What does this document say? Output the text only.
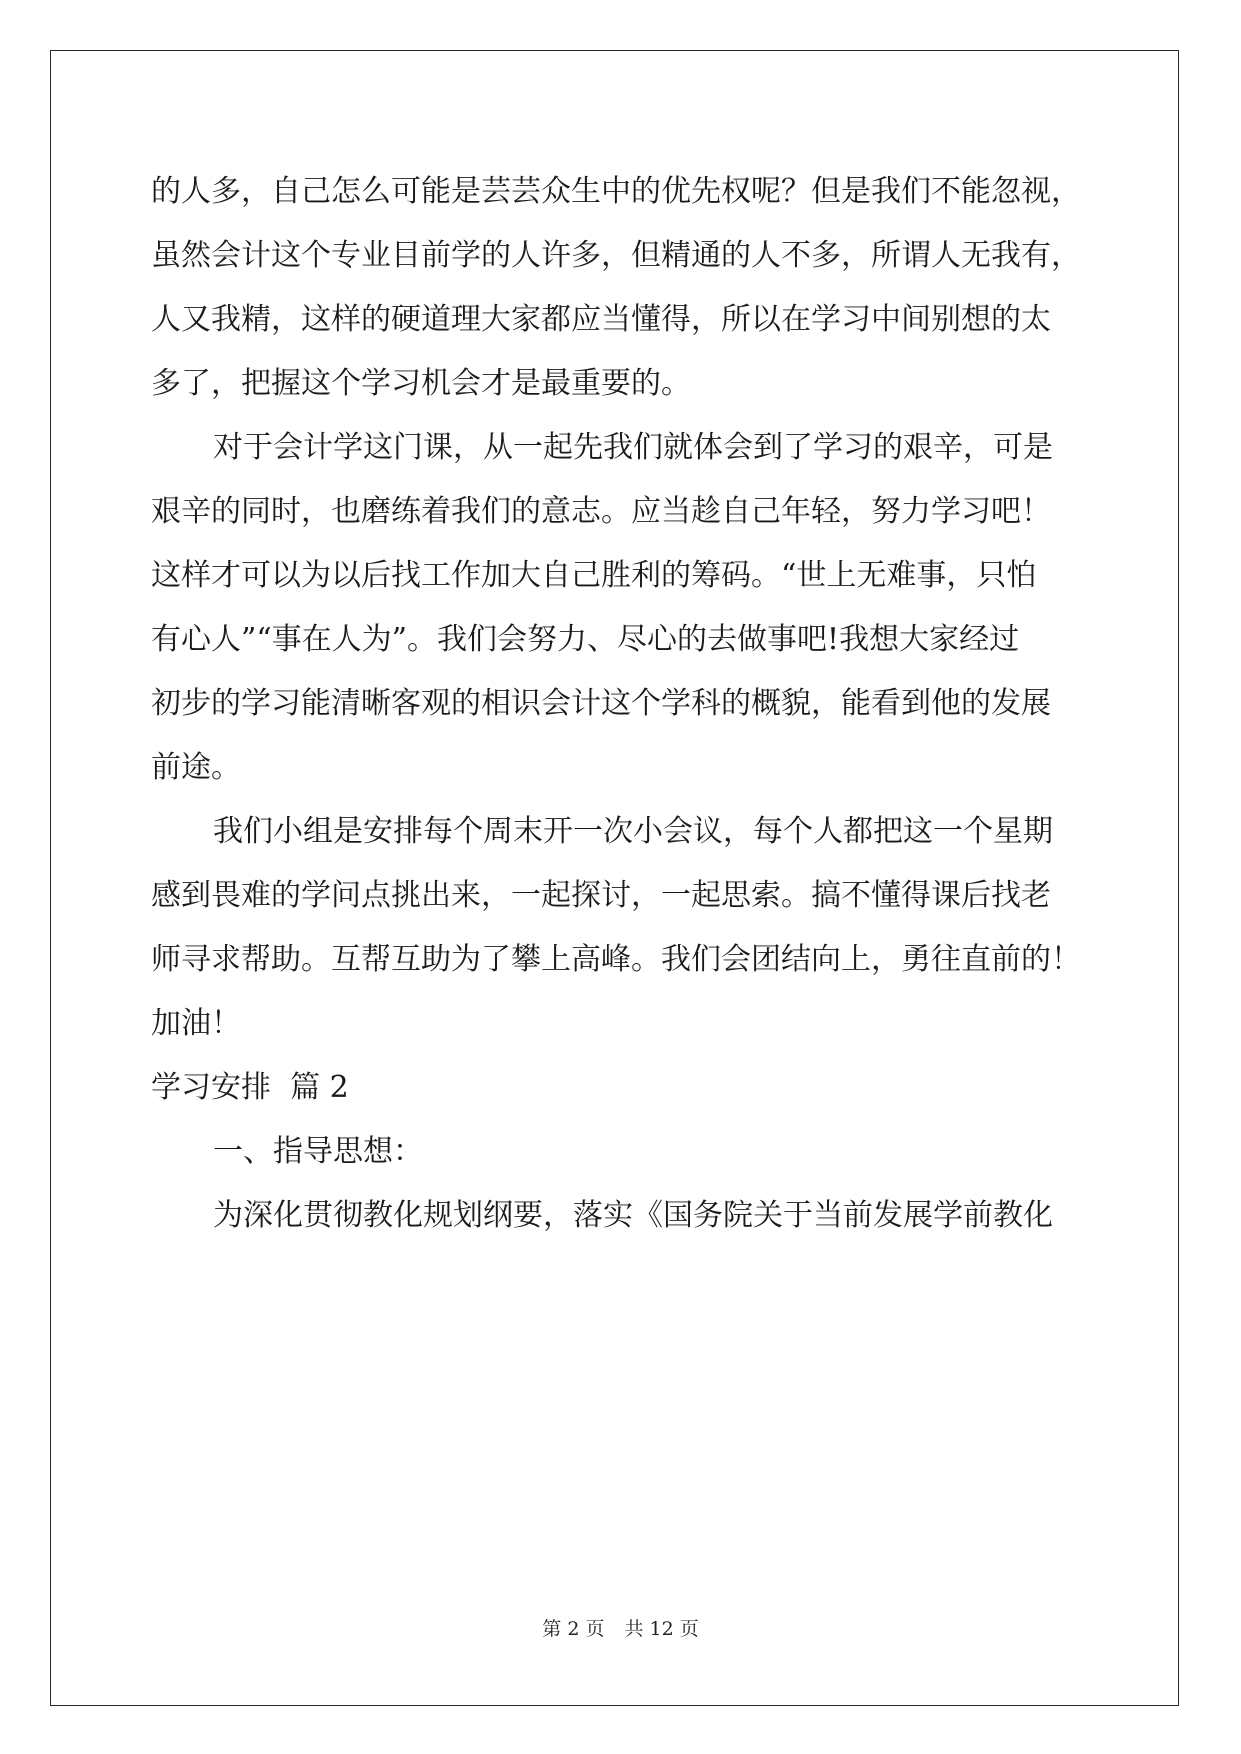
的人多，自己怎么可能是芸芸众生中的优先权呢？但是我们不能忽视，
虽然会计这个专业目前学的人许多，但精通的人不多，所谓人无我有，
人又我精，这样的硬道理大家都应当懂得，所以在学习中间别想的太
多了，把握这个学习机会才是最重要的。
对于会计学这门课，从一起先我们就体会到了学习的艰辛，可是
艰辛的同时，也磨练着我们的意志。应当趁自己年轻，努力学习吧！
这样才可以为以后找工作加大自己胜利的筹码。“世上无难事，只怕
有心人”“事在人为”。我们会努力、尽心的去做事吧!我想大家经过
初步的学习能清晰客观的相识会计这个学科的概貌，能看到他的发展
前途。
我们小组是安排每个周末开一次小会议，每个人都把这一个星期
感到畏难的学问点挑出来，一起探讨，一起思索。搞不懂得课后找老
师寻求帮助。互帮互助为了攀上高峰。我们会团结向上，勇往直前的！
加油！
学习安排  篇 2
一、指导思想：
为深化贯彻教化规划纲要，落实《国务院关于当前发展学前教化
第 2 页 共 12 页
